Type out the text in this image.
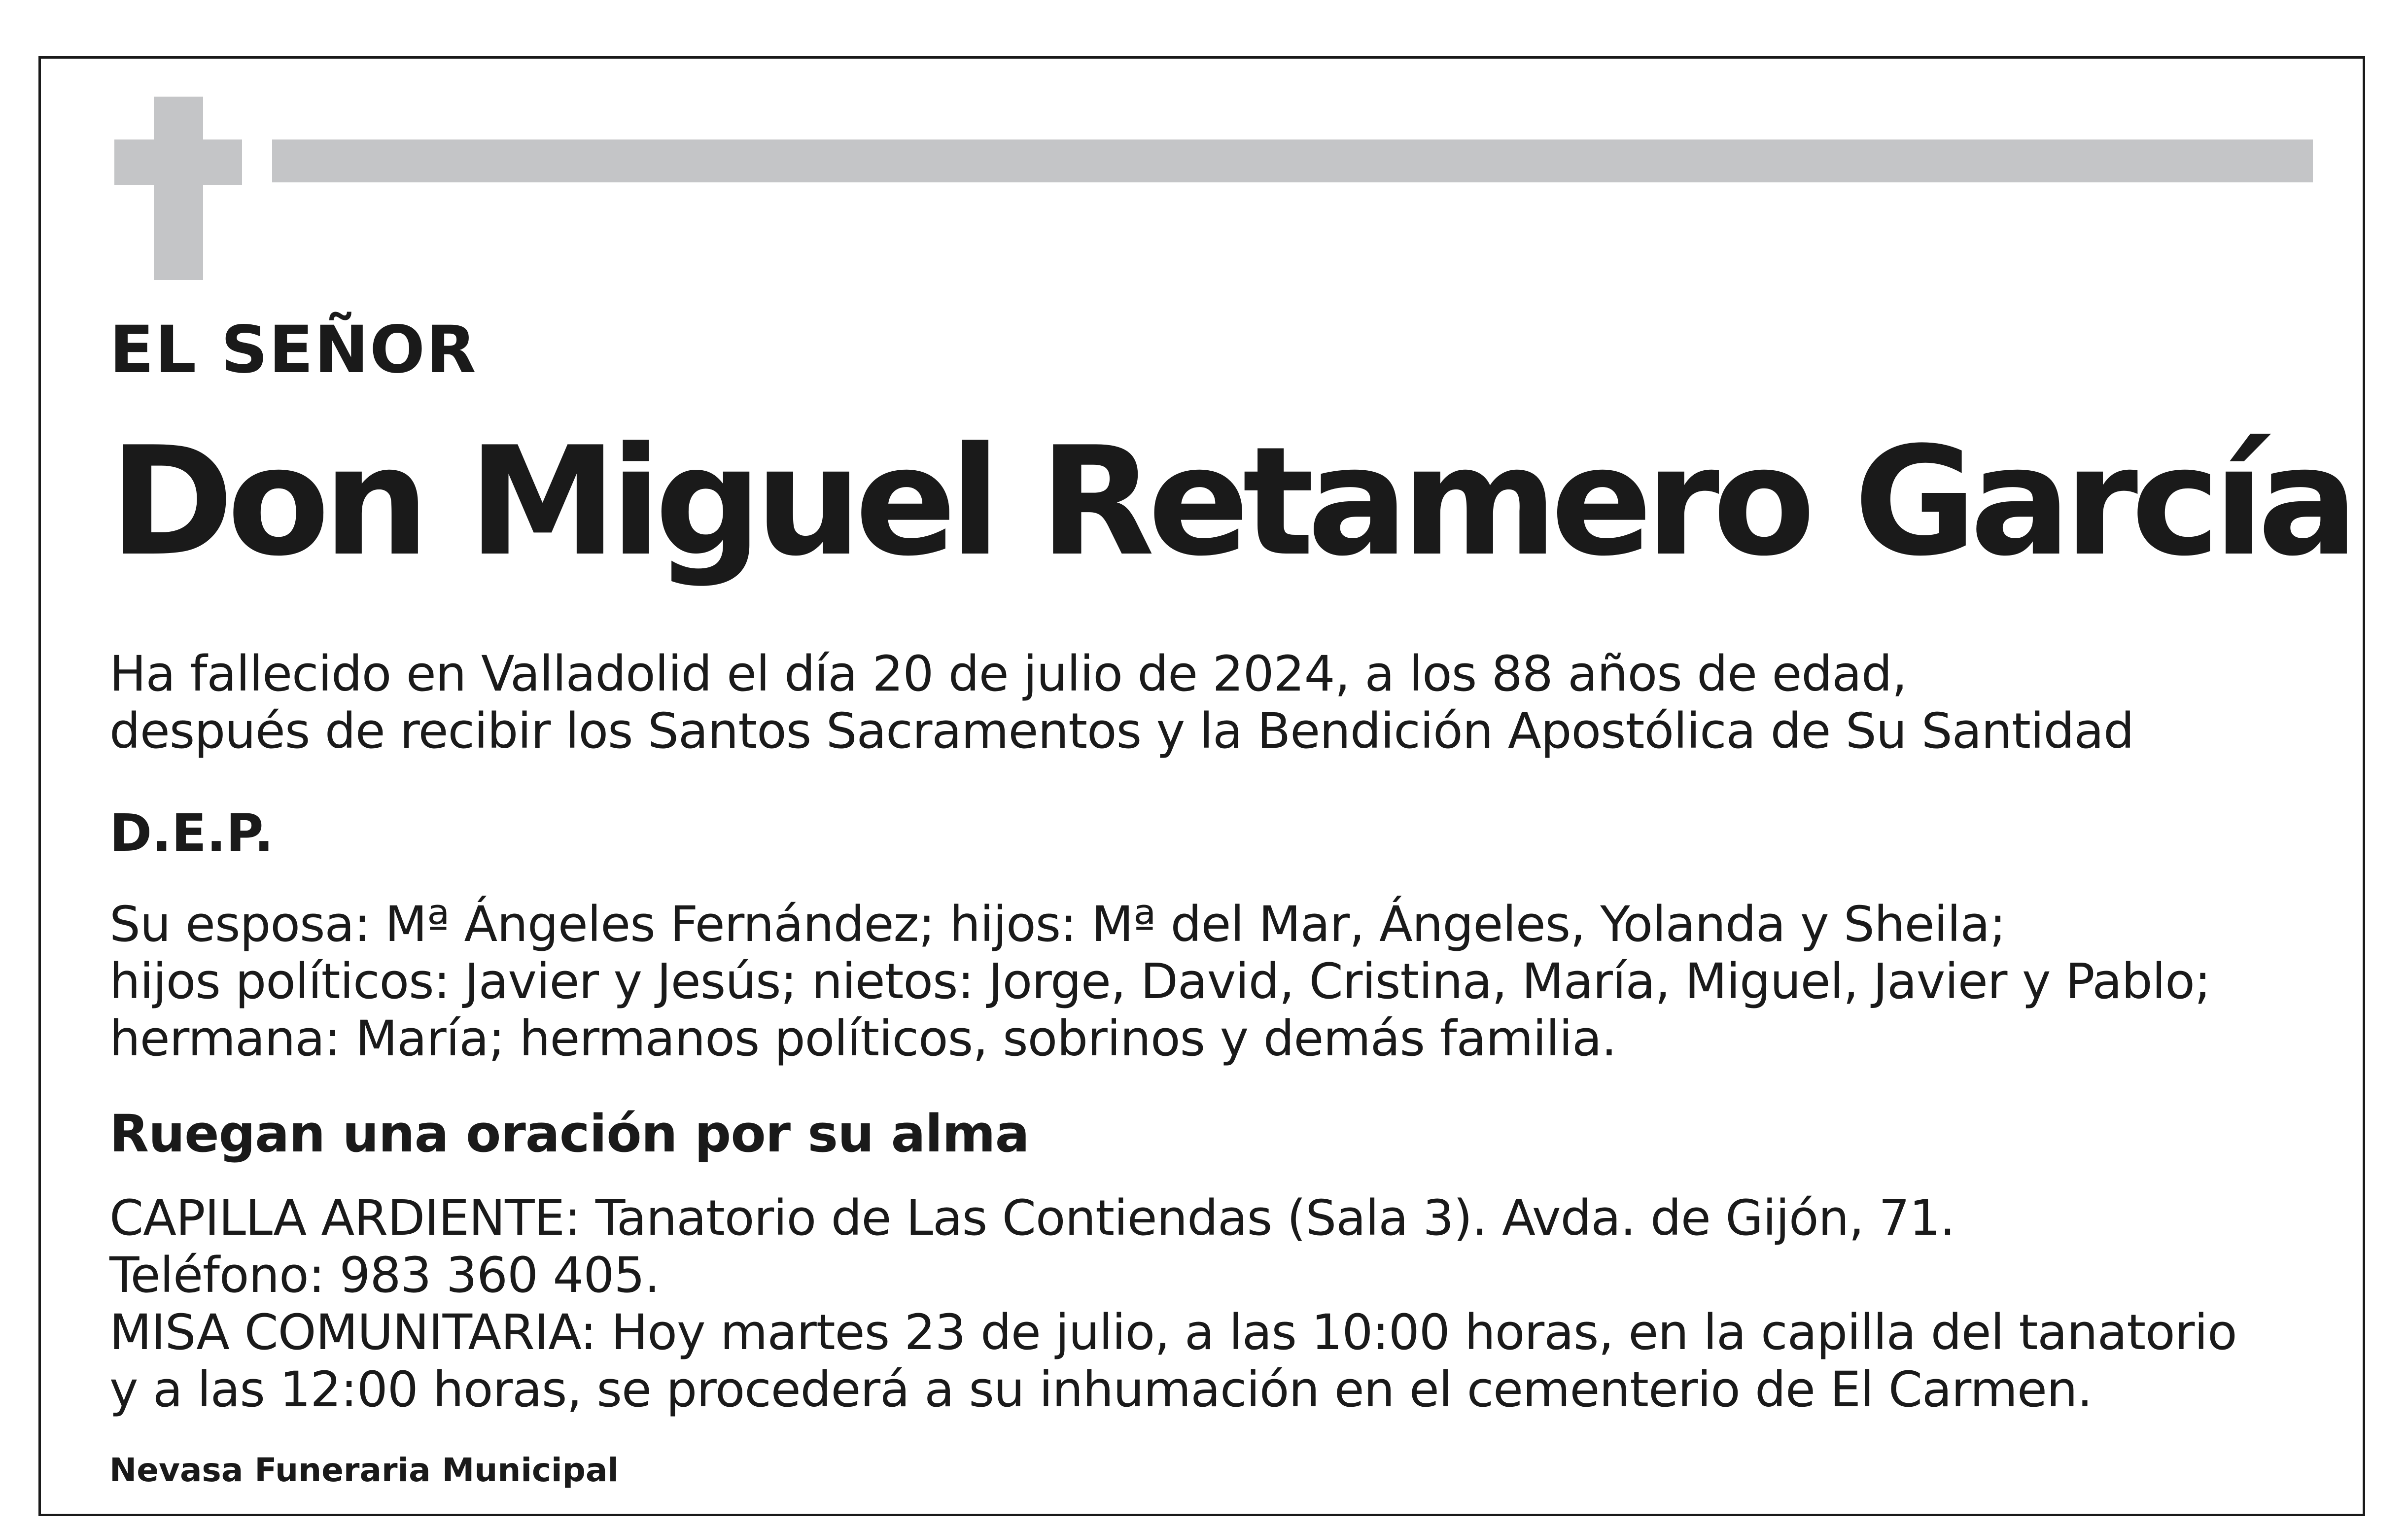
EL SEÑOR

Don Miguel Retamero García

Ha fallecido en Valladolid el día 20 de julio de 2024, a los 88 años de edad,
después de recibir los Santos Sacramentos y la Bendición Apostólica de Su Santidad

D.E.P.

Su esposa: Mª Ángeles Fernández; hijos: Mª del Mar, Ángeles, Yolanda y Sheila;
hijos políticos: Javier y Jesús; nietos: Jorge, David, Cristina, María, Miguel, Javier y Pablo;
hermana: María; hermanos políticos, sobrinos y demás familia.

Ruegan una oración por su alma

CAPILLA ARDIENTE: Tanatorio de Las Contiendas (Sala 3). Avda. de Gijón, 71.
Teléfono: 983 360 405.
MISA COMUNITARIA: Hoy martes 23 de julio, a las 10:00 horas, en la capilla del tanatorio
y a las 12:00 horas, se procederá a su inhumación en el cementerio de El Carmen.

Nevasa Funeraria Municipal
